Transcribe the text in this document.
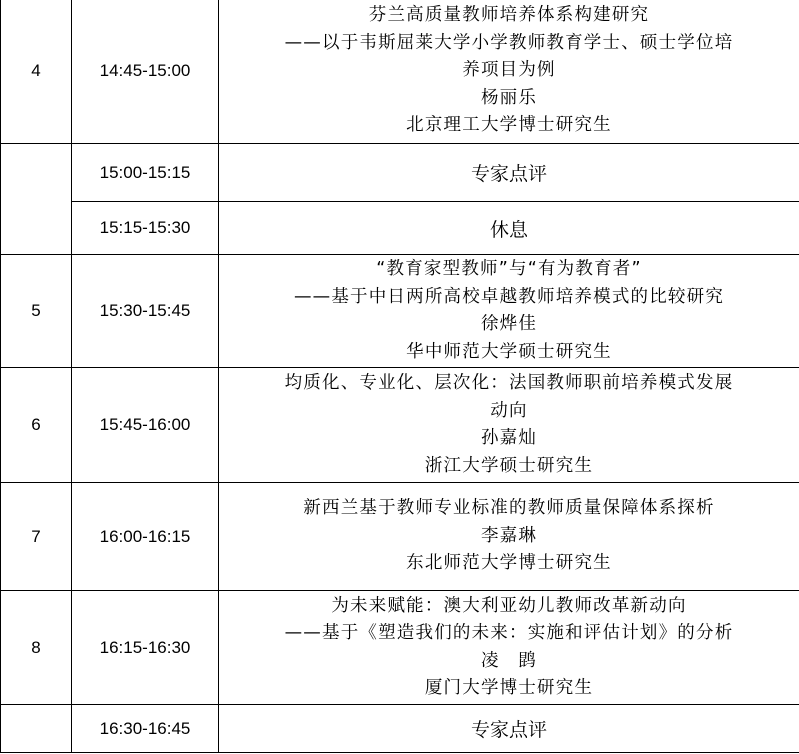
4	14:45-15:00	芬兰高质量教师培养体系构建研究
——以于韦斯屈莱大学小学教师教育学士、硕士学位培
养项目为例
杨丽乐
北京理工大学博士研究生

	15:00-15:15	专家点评
	15:15-15:30	休息
5	15:30-15:45	“教育家型教师”与“有为教育者”
——基于中日两所高校卓越教师培养模式的比较研究
徐烨佳
华中师范大学硕士研究生

6	15:45-16:00	均质化、专业化、层次化：法国教师职前培养模式发展
动向
孙嘉灿
浙江大学硕士研究生

7	16:00-16:15	新西兰基于教师专业标准的教师质量保障体系探析
李嘉琳
东北师范大学博士研究生

8	16:15-16:30	为未来赋能：澳大利亚幼儿教师改革新动向
——基于《塑造我们的未来：实施和评估计划》的分析
凌　鹍
厦门大学博士研究生

	16:30-16:45	专家点评
